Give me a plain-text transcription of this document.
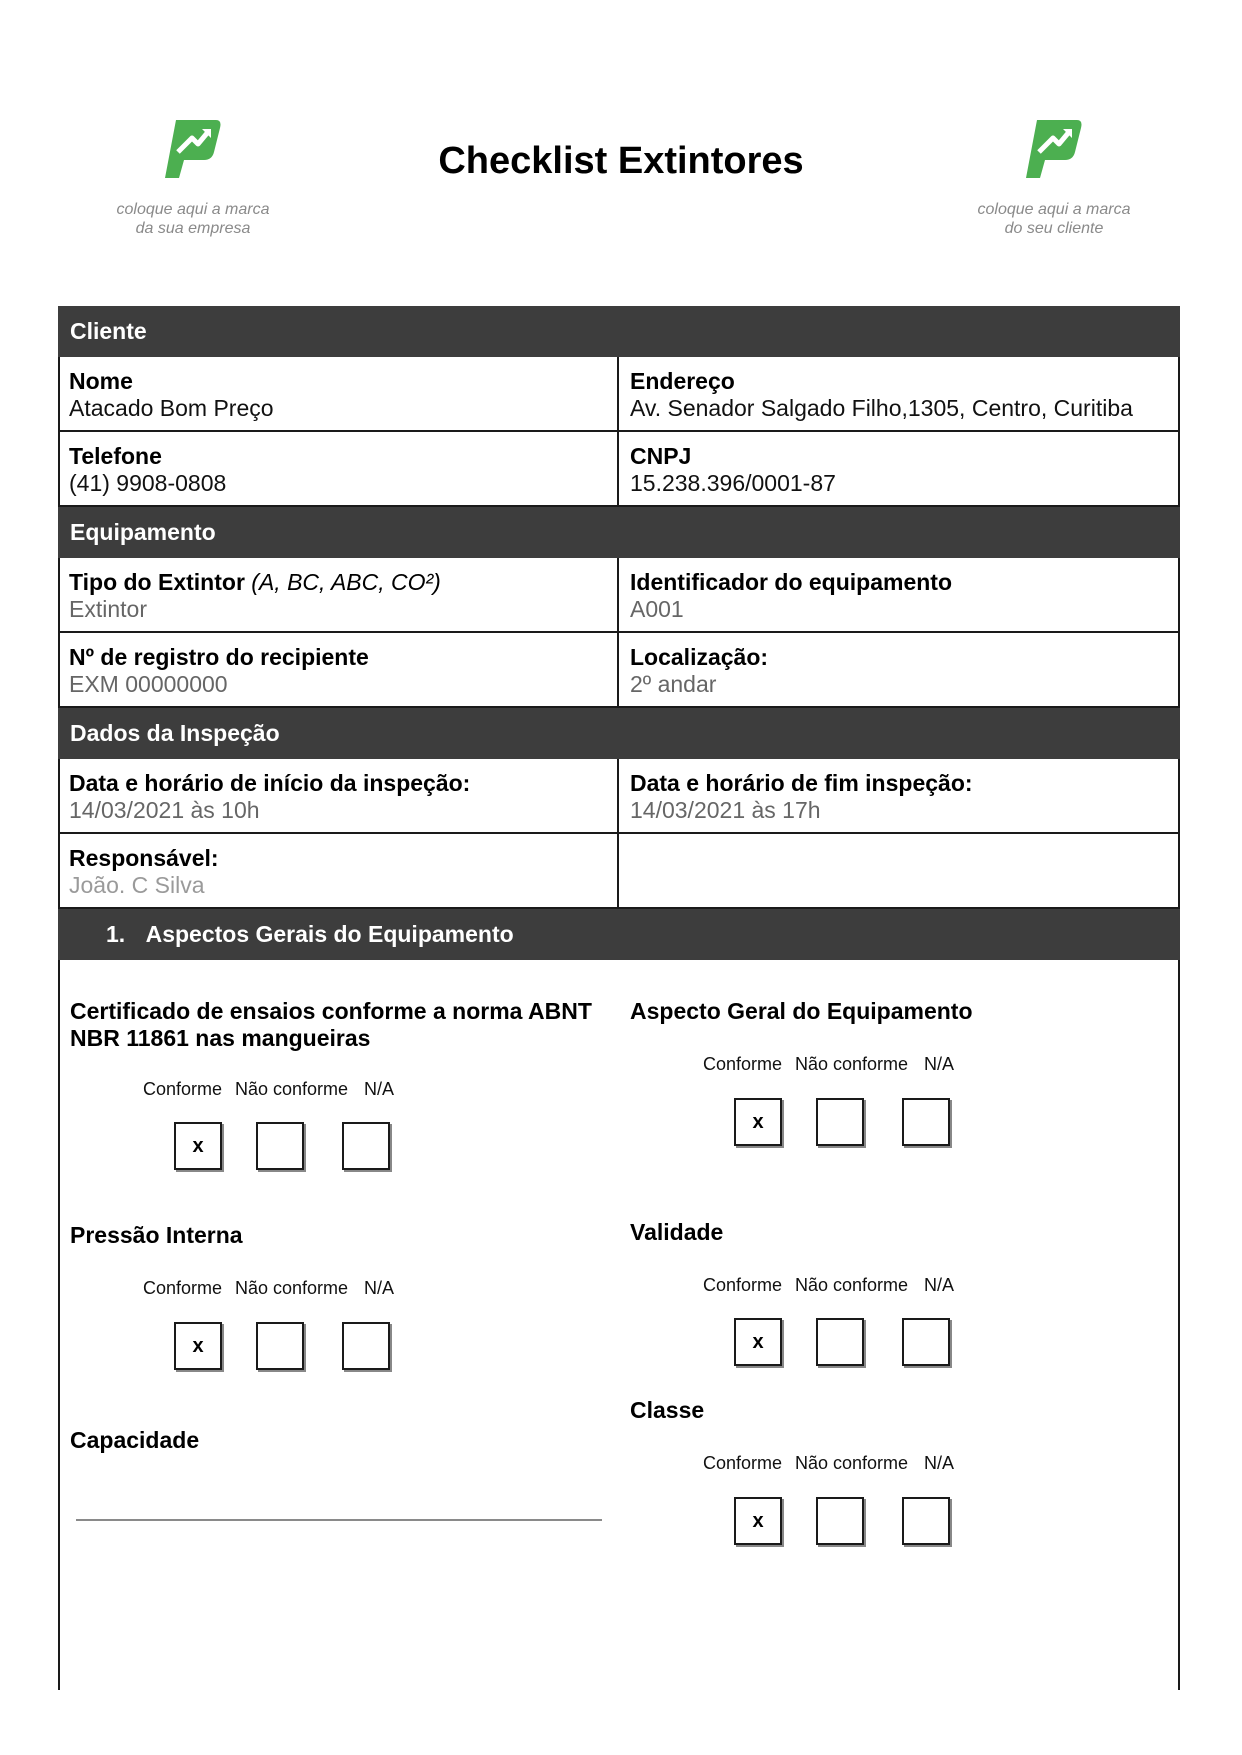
coloque aqui a marca
da sua empresa
coloque aqui a marca
do seu cliente
Checklist Extintores
Cliente
Nome
Atacado Bom Preço
Endereço
Av. Senador Salgado Filho,1305, Centro, Curitiba
Telefone
(41) 9908-0808
CNPJ
15.238.396/0001-87
Equipamento
Tipo do Extintor (A, BC, ABC, CO²)
Extintor
Identificador do equipamento
A001
Nº de registro do recipiente
EXM 00000000
Localização:
2º andar
Dados da Inspeção
Data e horário de início da inspeção:
14/03/2021 às 10h
Data e horário de fim inspeção:
14/03/2021 às 17h
Responsável:
João. C Silva
1. Aspectos Gerais do Equipamento
Certificado de ensaios conforme a norma ABNT
NBR 11861 nas mangueiras
Conforme Não conforme N/A
x
Aspecto Geral do Equipamento
Conforme Não conforme N/A
x
Pressão Interna
Conforme Não conforme N/A
x
Validade
Conforme Não conforme N/A
x
Classe
Conforme Não conforme N/A
x
Capacidade
